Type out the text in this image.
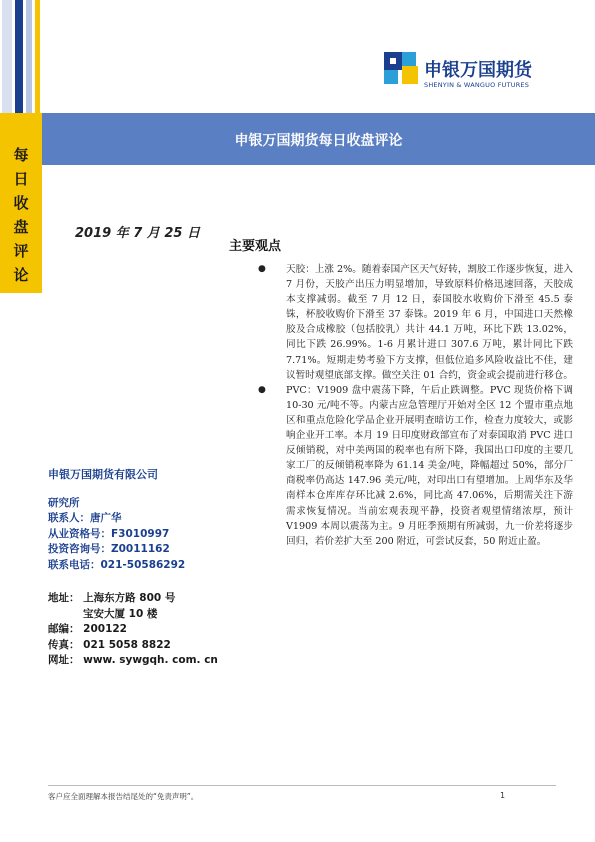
申银万国期货
SHENYIN & WANGUO FUTURES
每日收盘评论
申银万国期货每日收盘评论
2019 年 7 月 25 日
主要观点

● 天胶：上涨 2%。随着泰国产区天气好转，割胶工作逐步恢复，进入 7 月份，天胶产出压力明显增加，导致原料价格迅速回落，天胶成本支撑减弱。截至 7 月 12 日，泰国胶水收购价下滑至 45.5 泰铢，杯胶收购价下滑至 37 泰铢。2019 年 6 月，中国进口天然橡胶及合成橡胶（包括胶乳）共计 44.1 万吨，环比下跌 13.02%，同比下跌 26.99%。1-6 月累计进口 307.6 万吨，累计同比下跌 7.71%。短期走势考验下方支撑，但低位追多风险收益比不佳，建议暂时观望底部支撑。做空关注 01 合约，资金或会提前进行移仓。

● PVC：V1909 盘中震荡下降，午后止跌调整。PVC 现货价格下调 10-30 元/吨不等。内蒙古应急管理厅开始对全区 12 个盟市重点地区和重点危险化学品企业开展明查暗访工作，检查力度较大，或影响企业开工率。本月 19 日印度财政部宣布了对泰国取消 PVC 进口反倾销税，对中美两国的税率也有所下降，我国出口印度的主要几家工厂的反倾销税率降为 61.14 美金/吨，降幅超过 50%，部分厂商税率仍高达 147.96 美元/吨，对印出口有望增加。上周华东及华南样本仓库库存环比减 2.6%，同比高 47.06%，后期需关注下游需求恢复情况。当前宏观表现平静，投资者观望情绪浓厚，预计 V1909 本周以震荡为主。9 月旺季预期有所减弱，九一价差将逐步回归，若价差扩大至 200 附近，可尝试反套，50 附近止盈。

申银万国期货有限公司
研究所
联系人：唐广华
从业资格号：F3010997
投资咨询号：Z0011162
联系电话：021-50586292
地址： 上海东方路 800 号
宝安大厦 10 楼
邮编： 200122
传真： 021 5058 8822
网址： www. sywgqh. com. cn
客户应全面理解本报告结尾处的“免责声明”。	1
